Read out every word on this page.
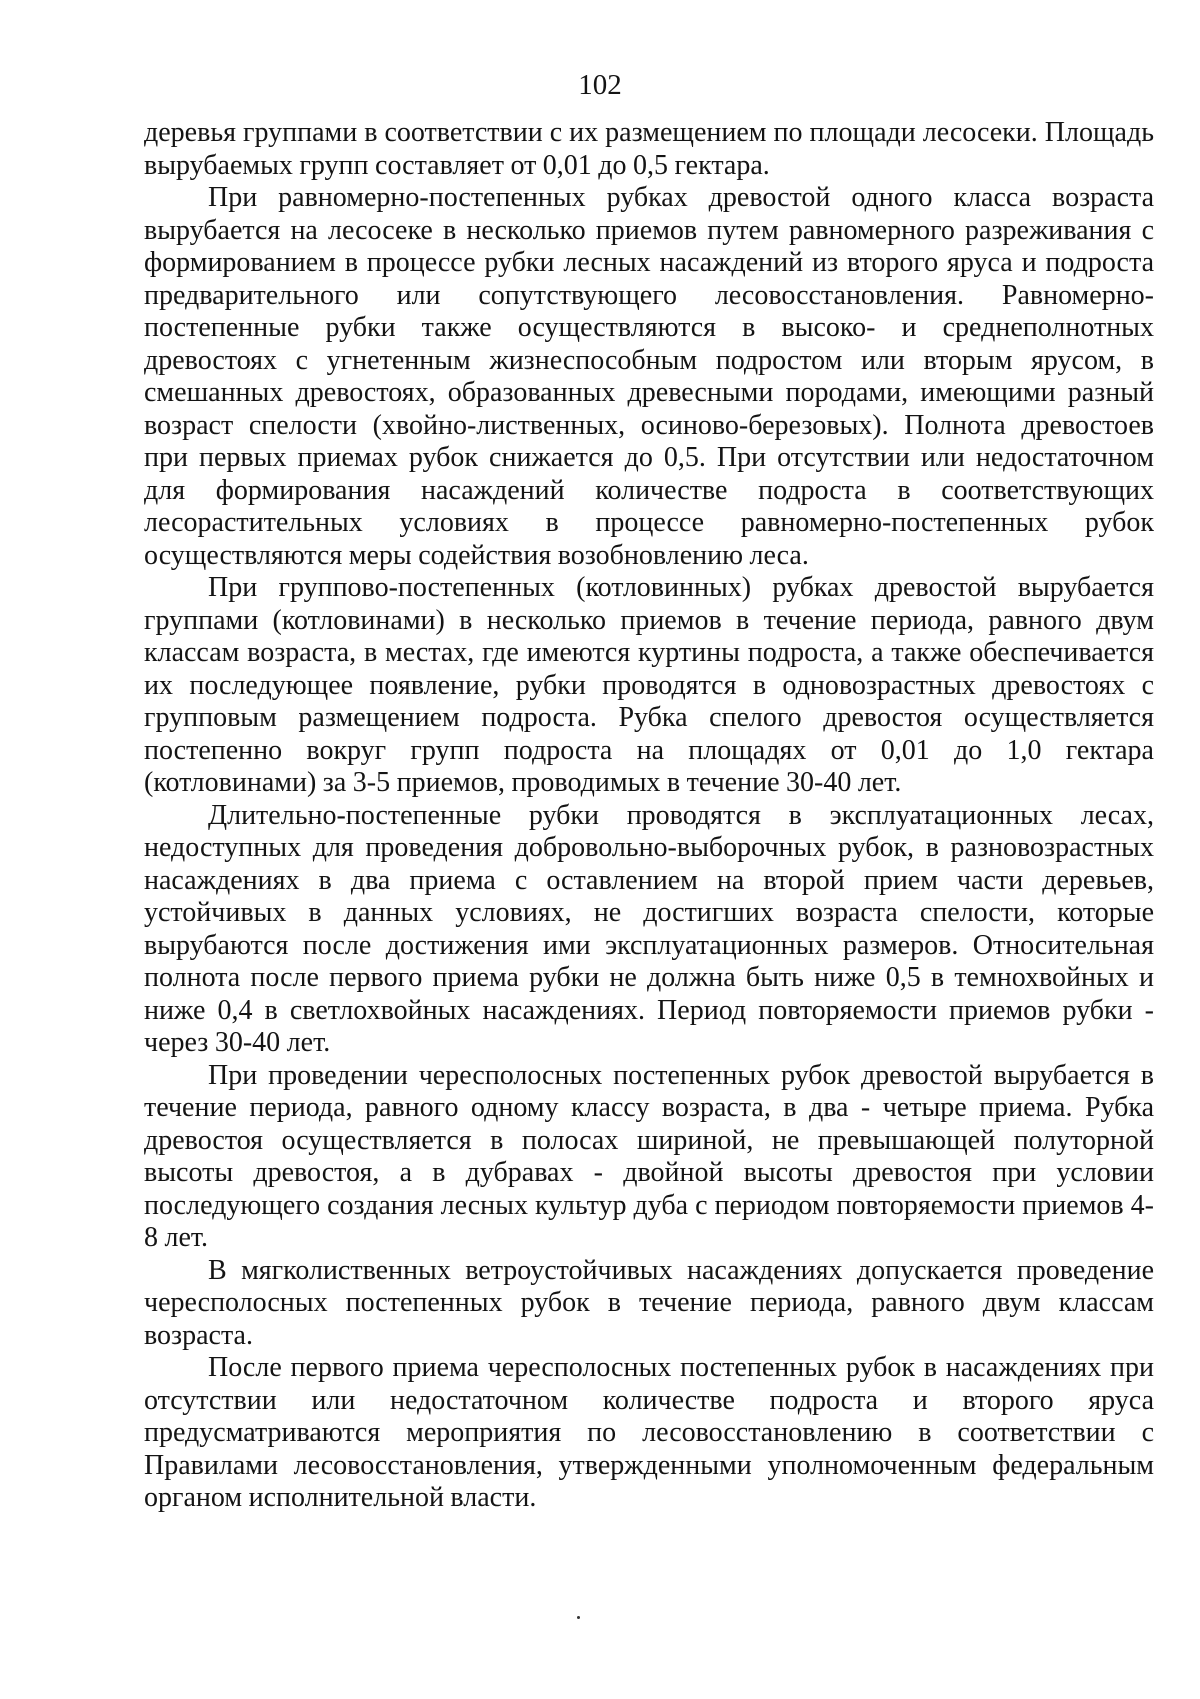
102

деревья группами в соответствии с их размещением по площади лесосеки. Площадь вырубаемых групп составляет от 0,01 до 0,5 гектара.

При равномерно-постепенных рубках древостой одного класса возраста вырубается на лесосеке в несколько приемов путем равномерного разреживания с формированием в процессе рубки лесных насаждений из второго яруса и подроста предварительного или сопутствующего лесовосстановления. Равномерно-постепенные рубки также осуществляются в высоко- и среднеполнотных древостоях с угнетенным жизнеспособным подростом или вторым ярусом, в смешанных древостоях, образованных древесными породами, имеющими разный возраст спелости (хвойно-лиственных, осиново-березовых). Полнота древостоев при первых приемах рубок снижается до 0,5. При отсутствии или недостаточном для формирования насаждений количестве подроста в соответствующих лесорастительных условиях в процессе равномерно-постепенных рубок осуществляются меры содействия возобновлению леса.

При группово-постепенных (котловинных) рубках древостой вырубается группами (котловинами) в несколько приемов в течение периода, равного двум классам возраста, в местах, где имеются куртины подроста, а также обеспечивается их последующее появление, рубки проводятся в одновозрастных древостоях с групповым размещением подроста. Рубка спелого древостоя осуществляется постепенно вокруг групп подроста на площадях от 0,01 до 1,0 гектара (котловинами) за 3-5 приемов, проводимых в течение 30-40 лет.

Длительно-постепенные рубки проводятся в эксплуатационных лесах, недоступных для проведения добровольно-выборочных рубок, в разновозрастных насаждениях в два приема с оставлением на второй прием части деревьев, устойчивых в данных условиях, не достигших возраста спелости, которые вырубаются после достижения ими эксплуатационных размеров. Относительная полнота после первого приема рубки не должна быть ниже 0,5 в темнохвойных и ниже 0,4 в светлохвойных насаждениях. Период повторяемости приемов рубки - через 30-40 лет.

При проведении чересполосных постепенных рубок древостой вырубается в течение периода, равного одному классу возраста, в два - четыре приема. Рубка древостоя осуществляется в полосах шириной, не превышающей полуторной высоты древостоя, а в дубравах - двойной высоты древостоя при условии последующего создания лесных культур дуба с периодом повторяемости приемов 4-8 лет.

В мягколиственных ветроустойчивых насаждениях допускается проведение чересполосных постепенных рубок в течение периода, равного двум классам возраста.

После первого приема чересполосных постепенных рубок в насаждениях при отсутствии или недостаточном количестве подроста и второго яруса предусматриваются мероприятия по лесовосстановлению в соответствии с Правилами лесовосстановления, утвержденными уполномоченным федеральным органом исполнительной власти.
